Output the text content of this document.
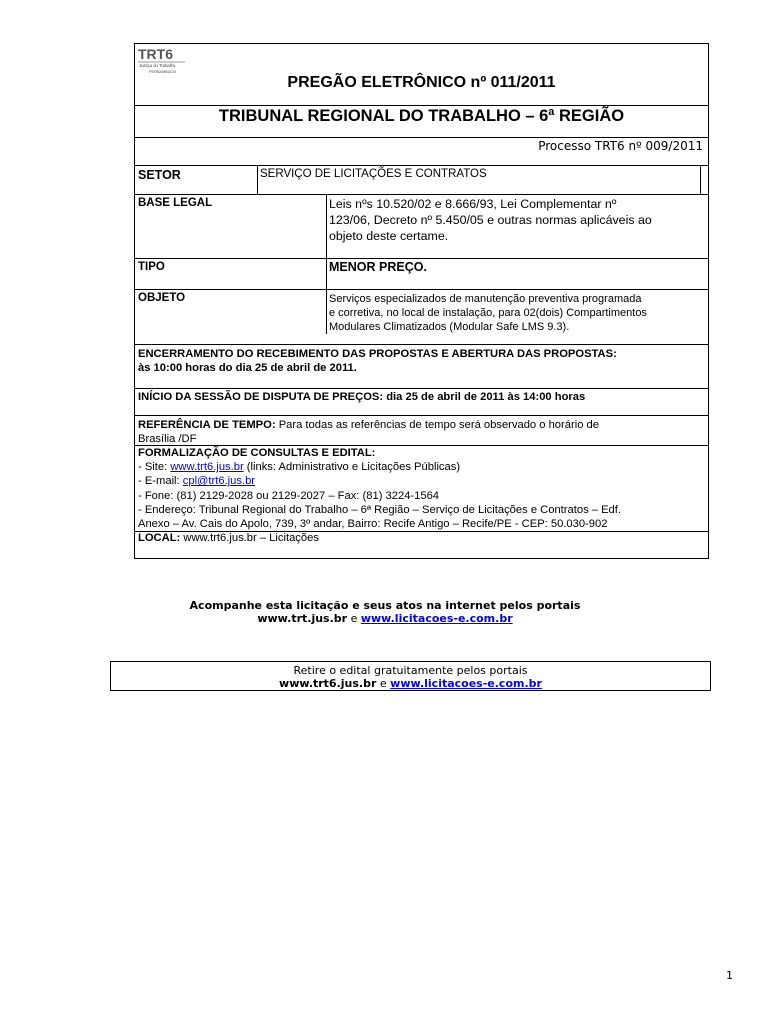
TRT6
Justiça do Trabalho
PERNAMBUCO
PREGÃO ELETRÔNICO nº 011/2011
TRIBUNAL REGIONAL DO TRABALHO – 6ª REGIÃO
Processo TRT6 nº 009/2011
SETOR	SERVIÇO DE LICITAÇÕES E CONTRATOS
BASE LEGAL	Leis nºs 10.520/02 e 8.666/93, Lei Complementar nº
123/06, Decreto nº 5.450/05 e outras normas aplicáveis ao
objeto deste certame.
TIPO	MENOR PREÇO.
OBJETO	Serviços especializados de manutenção preventiva programada
e corretiva, no local de instalação, para 02(dois) Compartimentos
Modulares Climatizados (Modular Safe LMS 9.3).
ENCERRAMENTO DO RECEBIMENTO DAS PROPOSTAS E ABERTURA DAS PROPOSTAS:
às 10:00 horas do dia 25 de abril de 2011.
INÍCIO DA SESSÃO DE DISPUTA DE PREÇOS: dia 25 de abril de 2011 às 14:00 horas
REFERÊNCIA DE TEMPO: Para todas as referências de tempo será observado o horário de
Brasília /DF
FORMALIZAÇÃO DE CONSULTAS E EDITAL:
- Site: www.trt6.jus.br (links: Administrativo e Licitações Públicas)
- E-mail: cpl@trt6.jus.br
- Fone: (81) 2129-2028 ou 2129-2027 – Fax: (81) 3224-1564
- Endereço: Tribunal Regional do Trabalho – 6ª Região – Serviço de Licitações e Contratos – Edf.
Anexo – Av. Cais do Apolo, 739, 3º andar, Bairro: Recife Antigo – Recife/PE - CEP: 50.030-902
LOCAL: www.trt6.jus.br – Licitações
Acompanhe esta licitação e seus atos na internet pelos portais
www.trt.jus.br e www.licitacoes-e.com.br
Retire o edital gratuitamente pelos portais
www.trt6.jus.br e www.licitacoes-e.com.br
1
